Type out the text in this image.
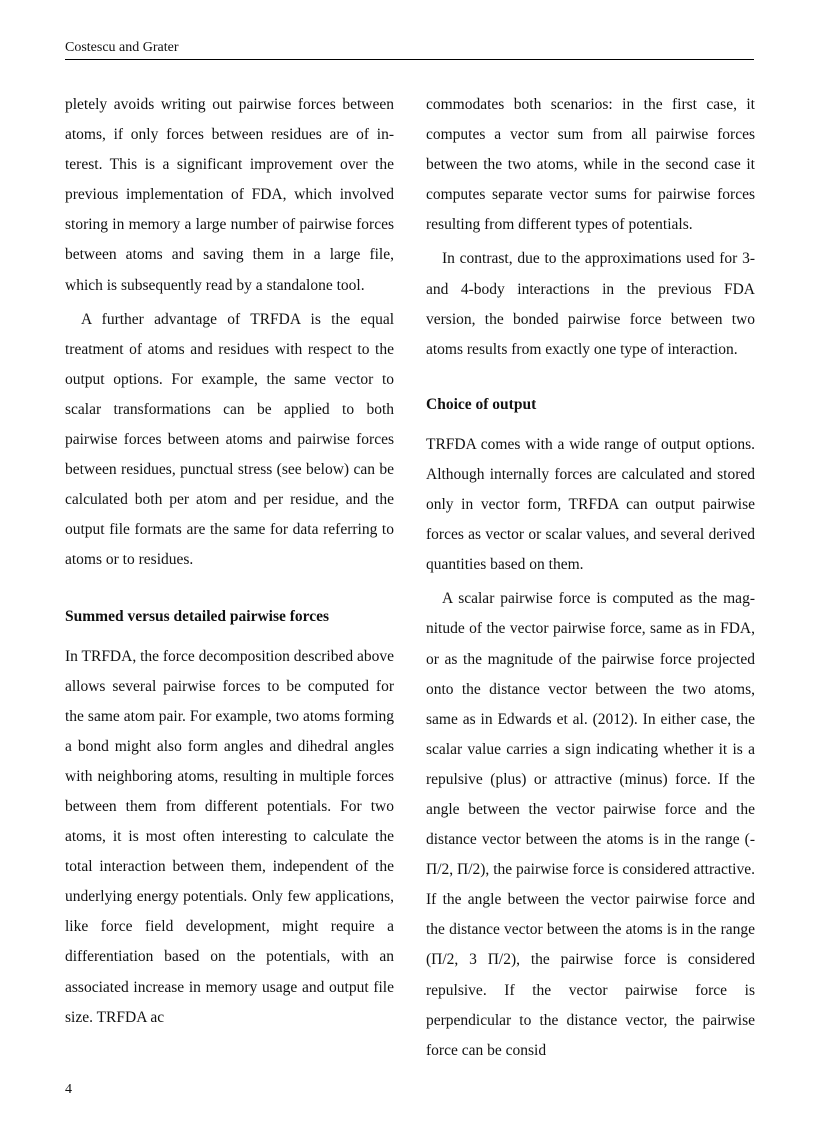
Costescu and Grater

pletely avoids writing out pairwise forces between atoms, if only forces between residues are of interest. This is a significant improvement over the previous implementation of FDA, which involved storing in memory a large number of pairwise forces between atoms and saving them in a large file, which is subsequently read by a standalone tool.

A further advantage of TRFDA is the equal treatment of atoms and residues with respect to the output options. For example, the same vector to scalar transformations can be applied to both pairwise forces between atoms and pairwise forces between residues, punctual stress (see below) can be calculated both per atom and per residue, and the output file formats are the same for data referring to atoms or to residues.

Summed versus detailed pairwise forces

In TRFDA, the force decomposition described above allows several pairwise forces to be computed for the same atom pair. For example, two atoms forming a bond might also form angles and dihedral angles with neighboring atoms, resulting in multiple forces between them from different potentials. For two atoms, it is most often interesting to calculate the total interaction between them, independent of the underlying energy potentials. Only few applications, like force field development, might require a differentiation based on the potentials, with an associated increase in memory usage and output file size. TRFDA ac

commodates both scenarios: in the first case, it computes a vector sum from all pairwise forces between the two atoms, while in the second case it computes separate vector sums for pairwise forces resulting from different types of potentials.

In contrast, due to the approximations used for 3- and 4-body interactions in the previous FDA version, the bonded pairwise force between two atoms results from exactly one type of interaction.

Choice of output

TRFDA comes with a wide range of output options. Although internally forces are calculated and stored only in vector form, TRFDA can output pairwise forces as vector or scalar values, and several derived quantities based on them.

A scalar pairwise force is computed as the magnitude of the vector pairwise force, same as in FDA, or as the magnitude of the pairwise force projected onto the distance vector between the two atoms, same as in Edwards et al. (2012). In either case, the scalar value carries a sign indicating whether it is a repulsive (plus) or attractive (minus) force. If the angle between the vector pairwise force and the distance vector between the atoms is in the range (- Π/2, Π/2), the pairwise force is considered attractive. If the angle between the vector pairwise force and the distance vector between the atoms is in the range (Π/2, 3 Π/2), the pairwise force is considered repulsive. If the vector pairwise force is perpendicular to the distance vector, the pairwise force can be consid

4
